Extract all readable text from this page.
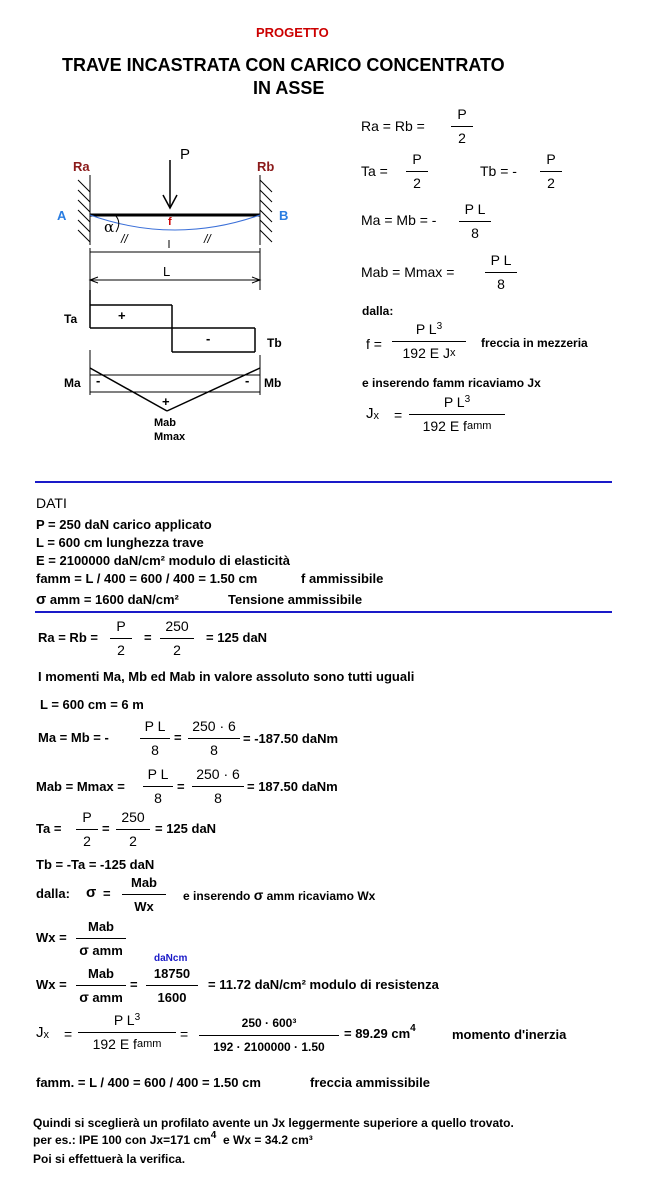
PROGETTO
TRAVE INCASTRATA CON CARICO CONCENTRATO
IN ASSE
P
Ra	Rb
A	B
f
α
//	//
L
Ta	+
-	Tb
Ma -	- Mb
+
Mab
Mmax
Ra = Rb =
P
2
Ta =
P
2
Tb = -
P
2
Ma = Mb = -
P L
8
Mab = Mmax =
P L
8
dalla:
f =
P $L^3$
192 E Jx
freccia in mezzeria
e inserendo famm ricaviamo Jx
Jx =
P $L^3$
192 E famm
DATI
P = 250 daN carico applicato
L = 600 cm lunghezza trave
E = 2100000 daN/cm² modulo di elasticità
famm = L / 400 = 600 / 400 = 1.50 cm	f ammissibile
σ amm = 1600 daN/cm²	Tensione ammissibile
Ra = Rb =
P
2
=
250
2
= 125 daN
I momenti Ma, Mb ed Mab in valore assoluto sono tutti uguali
L = 600 cm = 6 m
Ma = Mb = -
P L
8
=
250 · 6
8
= -187.50 daNm
Mab = Mmax =
P L
8
=
250 · 6
8
= 187.50 daNm
Ta =
P
2
=
250
2
= 125 daN
Tb = -Ta = -125 daN
dalla: σ =
Mab
Wx
e inserendo σ amm ricaviamo Wx
Wx =
Mab
σ amm
Wx =
Mab
σ amm
=
daNcm
18750
1600
= 11.72 daN/cm² modulo di resistenza
Jx =
P $L^3$
192 E famm
=
250 · 600³
192 · 2100000 · 1.50
= 89.29 $cm^4$	momento d'inerzia
famm. = L / 400 = 600 / 400 = 1.50 cm	freccia ammissibile
Quindi si sceglierà un profilato avente un Jx leggermente superiore a quello trovato.
per es.: IPE 100 con Jx=171 $cm^4$ e Wx = 34.2 cm³
Poi si effettuerà la verifica.
